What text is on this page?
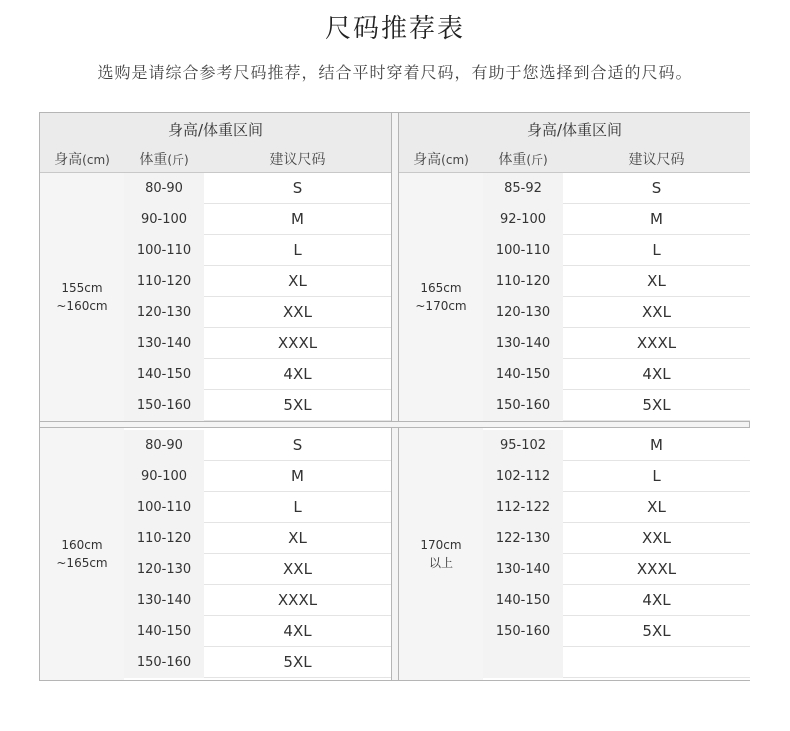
尺码推荐表
选购是请综合参考尺码推荐，结合平时穿着尺码，有助于您选择到合适的尺码。
身高/体重区间
身高(cm)	体重(斤)	建议尺码
155cm
~160cm
80-90	S
90-100	M
100-110	L
110-120	XL
120-130	XXL
130-140	XXXL
140-150	4XL
150-160	5XL
身高/体重区间
身高(cm)	体重(斤)	建议尺码
165cm
~170cm
85-92	S
92-100	M
100-110	L
110-120	XL
120-130	XXL
130-140	XXXL
140-150	4XL
150-160	5XL
160cm
~165cm
80-90	S
90-100	M
100-110	L
110-120	XL
120-130	XXL
130-140	XXXL
140-150	4XL
150-160	5XL
170cm
以上
95-102	M
102-112	L
112-122	XL
122-130	XXL
130-140	XXXL
140-150	4XL
150-160	5XL
